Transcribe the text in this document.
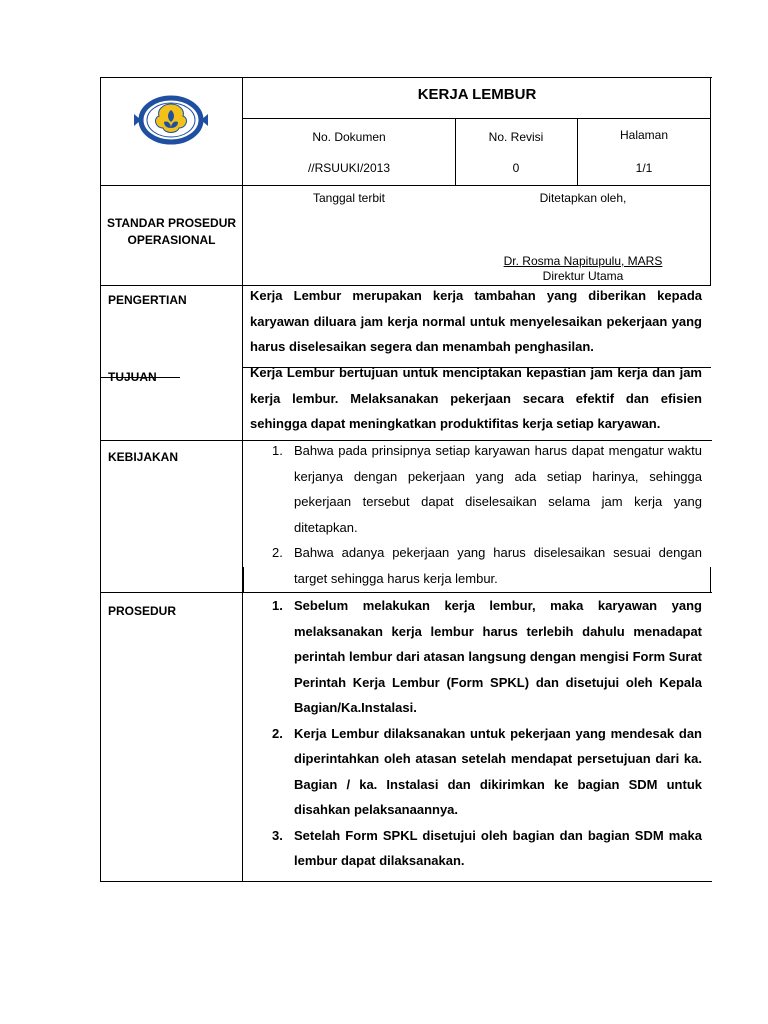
KERJA LEMBUR
No. Dokumen
//RSUUKI/2013
No. Revisi
0
Halaman
1/1
STANDAR PROSEDUR OPERASIONAL
Tanggal terbit	Ditetapkan oleh,
Dr. Rosma Napitupulu, MARS
Direktur Utama
PENGERTIAN
TUJUAN
KEBIJAKAN
PROSEDUR
Kerja Lembur merupakan kerja tambahan yang diberikan kepada karyawan diluara jam kerja normal untuk menyelesaikan pekerjaan yang harus diselesaikan segera dan menambah penghasilan.
Kerja Lembur bertujuan untuk menciptakan kepastian jam kerja dan jam kerja lembur. Melaksanakan pekerjaan secara efektif dan efisien sehingga dapat meningkatkan produktifitas kerja setiap karyawan.
1. Bahwa pada prinsipnya setiap karyawan harus dapat mengatur waktu kerjanya dengan pekerjaan yang ada setiap harinya, sehingga pekerjaan tersebut dapat diselesaikan selama jam kerja yang ditetapkan.
2. Bahwa adanya pekerjaan yang harus diselesaikan sesuai dengan target sehingga harus kerja lembur.
1. Sebelum melakukan kerja lembur, maka karyawan yang melaksanakan kerja lembur harus terlebih dahulu menadapat perintah lembur dari atasan langsung dengan mengisi Form Surat Perintah Kerja Lembur (Form SPKL) dan disetujui oleh Kepala Bagian/Ka.Instalasi.
2. Kerja Lembur dilaksanakan untuk pekerjaan yang mendesak dan diperintahkan oleh atasan setelah mendapat persetujuan dari ka. Bagian / ka. Instalasi dan dikirimkan ke bagian SDM untuk disahkan pelaksanaannya.
3. Setelah Form SPKL disetujui oleh bagian dan bagian SDM maka lembur dapat dilaksanakan.
